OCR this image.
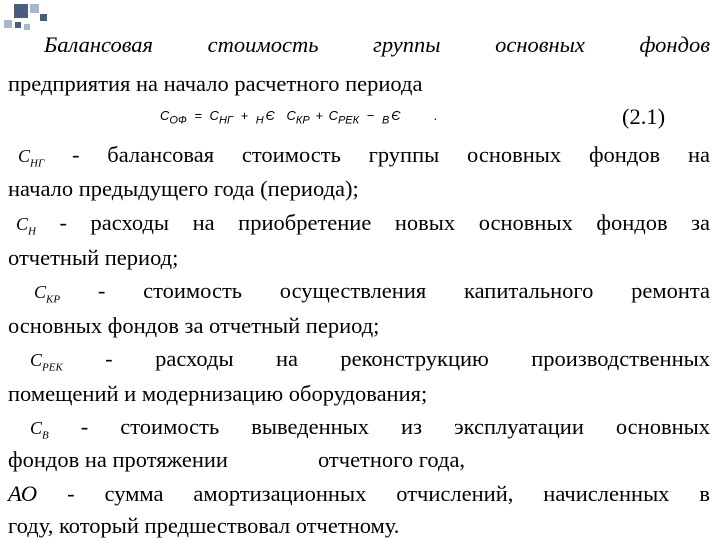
Балансовая стоимость группы основных фондов
предприятия на начало расчетного периода
$C_{ОФ} = C_{НГ} + _Н$ Є $C_{КР} + C_{РЕК} - _В$ Є	.	(2.1)
$С_{НГ}$ - балансовая стоимость группы основных фондов на
начало предыдущего года (периода);
$С_Н$ - расходы на приобретение новых основных фондов за
отчетный период;
$С_{КР}$ - стоимость осуществления капитального ремонта
основных фондов за отчетный период;
$С_{РЕК}$ - расходы на реконструкцию производственных
помещений и модернизацию оборудования;
$С_В$ - стоимость выведенных из эксплуатации основных
фондов на протяжении	отчетного года,
АО - сумма амортизационных отчислений, начисленных в
году, который предшествовал отчетному.
